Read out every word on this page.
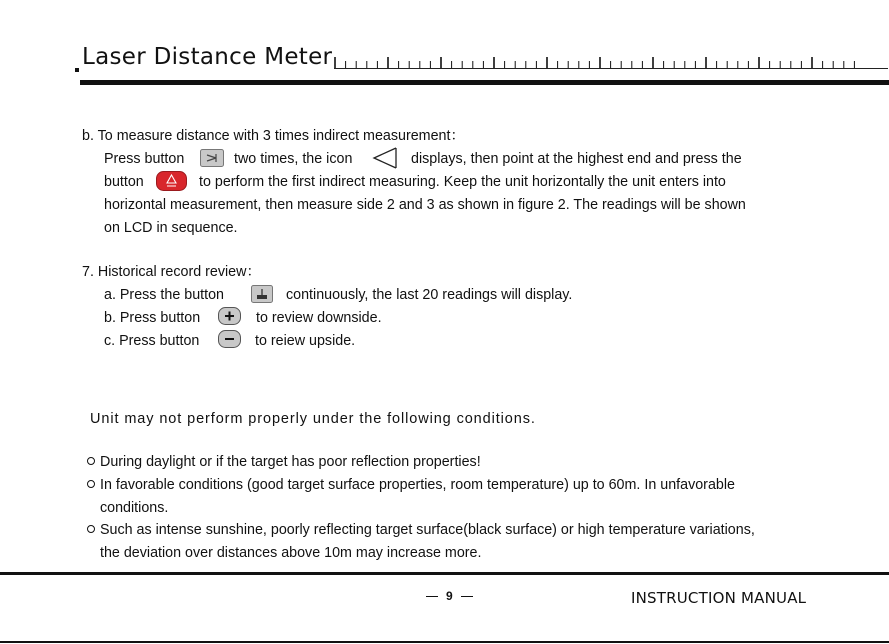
Laser Distance Meter
b. To measure distance with 3 times indirect measurement：
Press button	two times, the icon	displays, then point at the highest end and press the
button	to perform the first indirect measuring. Keep the unit horizontally the unit enters into
horizontal measurement, then measure side 2 and 3 as shown in figure 2. The readings will be shown
on LCD in sequence.
7. Historical record review：
a. Press the button	continuously, the last 20 readings will display.
b. Press button	to review downside.
c. Press button	to reiew upside.
Unit may not perform properly under the following conditions.
During daylight or if the target has poor reflection properties!
In favorable conditions (good target surface properties, room temperature) up to 60m. In unfavorable
conditions.
Such as intense sunshine, poorly reflecting target surface(black surface) or high temperature variations,
the deviation over distances above 10m may increase more.
9	INSTRUCTION MANUAL
